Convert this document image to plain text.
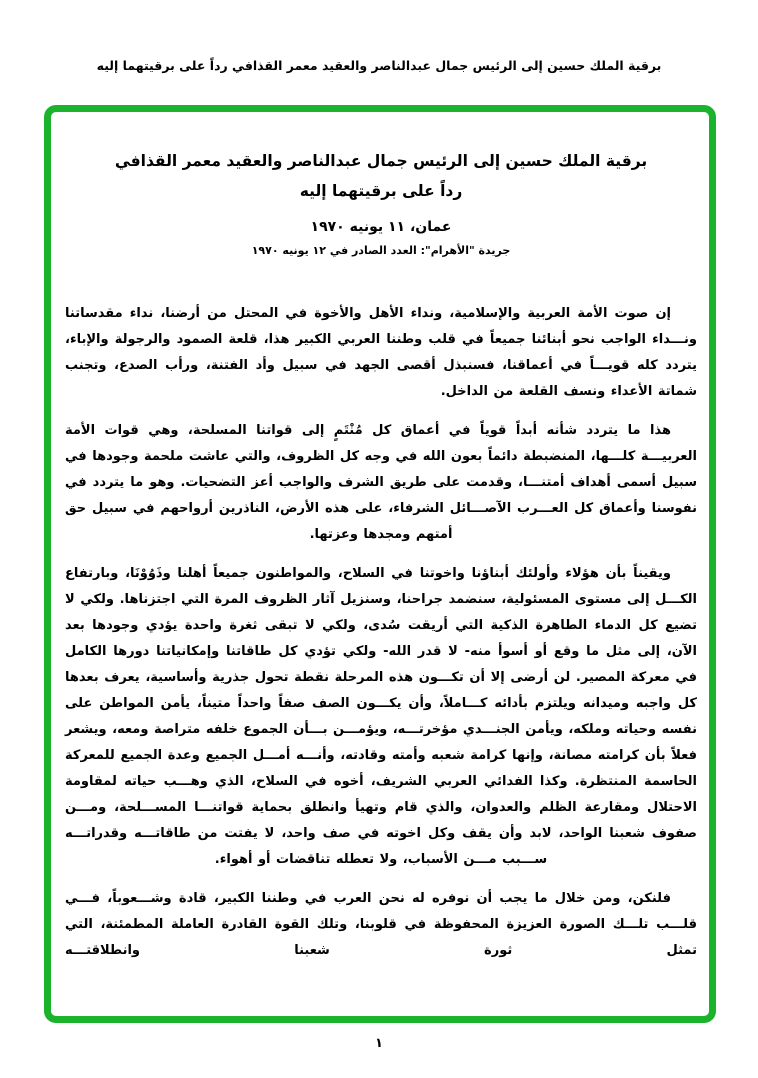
برقية الملك حسين إلى الرئيس جمال عبدالناصر والعقيد معمر القذافي رداً على برقيتهما إليه
برقية الملك حسين إلى الرئيس جمال عبدالناصر والعقيد معمر القذافي
رداً على برقيتهما إليه
عمان، ١١ يونيه ١٩٧٠
جريدة "الأهرام": العدد الصادر في ١٢ يونيه ١٩٧٠

إن صوت الأمة العربية والإسلامية، ونداء الأهل والأخوة في المحتل من أرضنا، نداء مقدساتنا ونـــداء الواجب نحو أبنائنا جميعاً في قلب وطننا العربي الكبير هذا، قلعة الصمود والرجولة والإباء، يتردد كله قويـــاً في أعماقنا، فسنبذل أقصى الجهد في سبيل وأد الفتنة، ورأب الصدع، وتجنب شماتة الأعداء ونسف القلعة من الداخل.

هذا ما يتردد شأنه أبداً قوياً في أعماق كل مُنْتَمٍ إلى قواتنا المسلحة، وهي قوات الأمة العربيـــة كلـــها، المنضبطة دائماً بعون الله في وجه كل الظروف، والتي عاشت ملحمة وجودها في سبيل أسمى أهداف أمتنـــا، وقدمت على طريق الشرف والواجب أعز التضحيات. وهو ما يتردد في نفوسنا وأعماق كل العـــرب الآصـــائل الشرفاء، على هذه الأرض، الناذرين أرواحهم في سبيل حق أمتهم ومجدها وعزتها.

ويقيناً بأن هؤلاء وأولئك أبناؤنا واخوتنا في السلاح، والمواطنون جميعاً أهلنا وذَوُوْنَا، وبارتفاع الكـــل إلى مستوى المسئولية، سنضمد جراحنا، وسنزيل آثار الظروف المرة التي اجتزناها. ولكي لا تضيع كل الدماء الطاهرة الذكية التي أريقت سُدى، ولكي لا تبقى ثغرة واحدة يؤدي وجودها بعد الآن، إلى مثل ما وقع أو أسوأ منه- لا قدر الله- ولكي تؤدي كل طاقاتنا وإمكانياتنا دورها الكامل في معركة المصير. لن أرضى إلا أن تكـــون هذه المرحلة نقطة تحول جذرية وأساسية، يعرف بعدها كل واجبه وميدانه ويلتزم بأدائه كـــاملاً، وأن يكـــون الصف صفاً واحداً متيناً، يأمن المواطن على نفسه وحياته وملكه، ويأمن الجنـــدي مؤخرتـــه، ويؤمـــن بـــأن الجموع خلفه متراصة ومعه، ويشعر فعلاً بأن كرامته مصانة، وإنها كرامة شعبه وأمته وقادته، وأنـــه أمـــل الجميع وعدة الجميع للمعركة الحاسمة المنتظرة. وكذا الفدائي العربي الشريف، أخوه في السلاح، الذي وهـــب حياته لمقاومة الاحتلال ومقارعة الظلم والعدوان، والذي قام وتهيأ وانطلق بحماية قواتنـــا المســـلحة، ومـــن صفوف شعبنا الواحد، لابد وأن يقف وكل اخوته في صف واحد، لا يفتت من طاقاتـــه وقدراتـــه ســـبب مـــن الأسباب، ولا تعطله تناقضات أو أهواء.

فلنكن، ومن خلال ما يجب أن نوفره له نحن العرب في وطننا الكبير، قادة وشـــعوباً، فـــي قلـــب تلـــك الصورة العزيزة المحفوظة في قلوبنا، وتلك القوة القادرة العاملة المطمئنة، التي تمثل ثورة شعبنا وانطلاقتـــه

١
